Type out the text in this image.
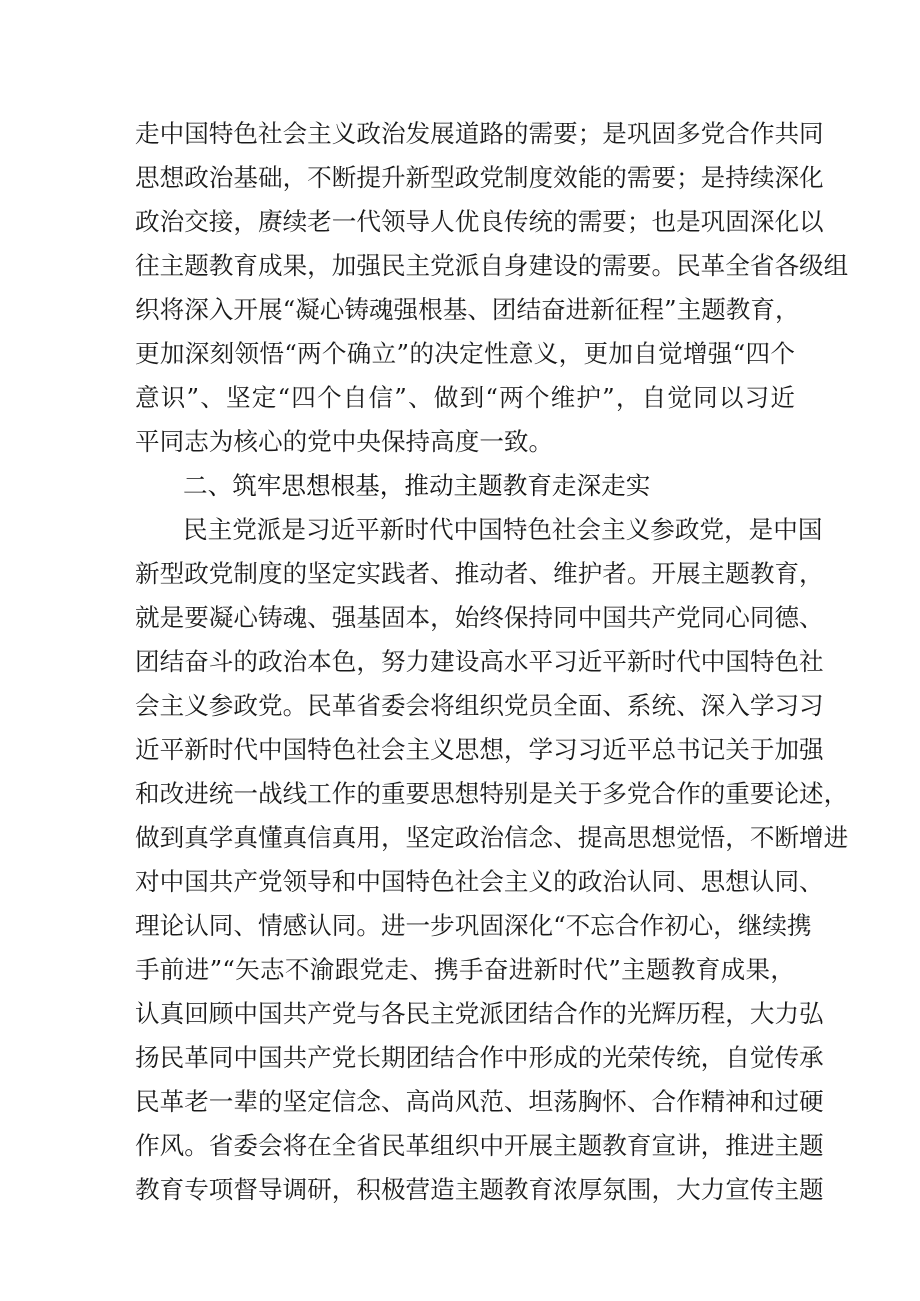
走中国特色社会主义政治发展道路的需要；是巩固多党合作共同
思想政治基础，不断提升新型政党制度效能的需要；是持续深化
政治交接，赓续老一代领导人优良传统的需要；也是巩固深化以
往主题教育成果，加强民主党派自身建设的需要。民革全省各级组
织将深入开展“凝心铸魂强根基、团结奋进新征程”主题教育，
更加深刻领悟“两个确立”的决定性意义，更加自觉增强“四个
意识”、坚定“四个自信”、做到“两个维护”，自觉同以习近
平同志为核心的党中央保持高度一致。
二、筑牢思想根基，推动主题教育走深走实
民主党派是习近平新时代中国特色社会主义参政党，是中国
新型政党制度的坚定实践者、推动者、维护者。开展主题教育，
就是要凝心铸魂、强基固本，始终保持同中国共产党同心同德、
团结奋斗的政治本色，努力建设高水平习近平新时代中国特色社
会主义参政党。民革省委会将组织党员全面、系统、深入学习习
近平新时代中国特色社会主义思想，学习习近平总书记关于加强
和改进统一战线工作的重要思想特别是关于多党合作的重要论述，
做到真学真懂真信真用，坚定政治信念、提高思想觉悟，不断增进
对中国共产党领导和中国特色社会主义的政治认同、思想认同、
理论认同、情感认同。进一步巩固深化“不忘合作初心，继续携
手前进”“矢志不渝跟党走、携手奋进新时代”主题教育成果，
认真回顾中国共产党与各民主党派团结合作的光辉历程，大力弘
扬民革同中国共产党长期团结合作中形成的光荣传统，自觉传承
民革老一辈的坚定信念、高尚风范、坦荡胸怀、合作精神和过硬
作风。省委会将在全省民革组织中开展主题教育宣讲，推进主题
教育专项督导调研，积极营造主题教育浓厚氛围，大力宣传主题
